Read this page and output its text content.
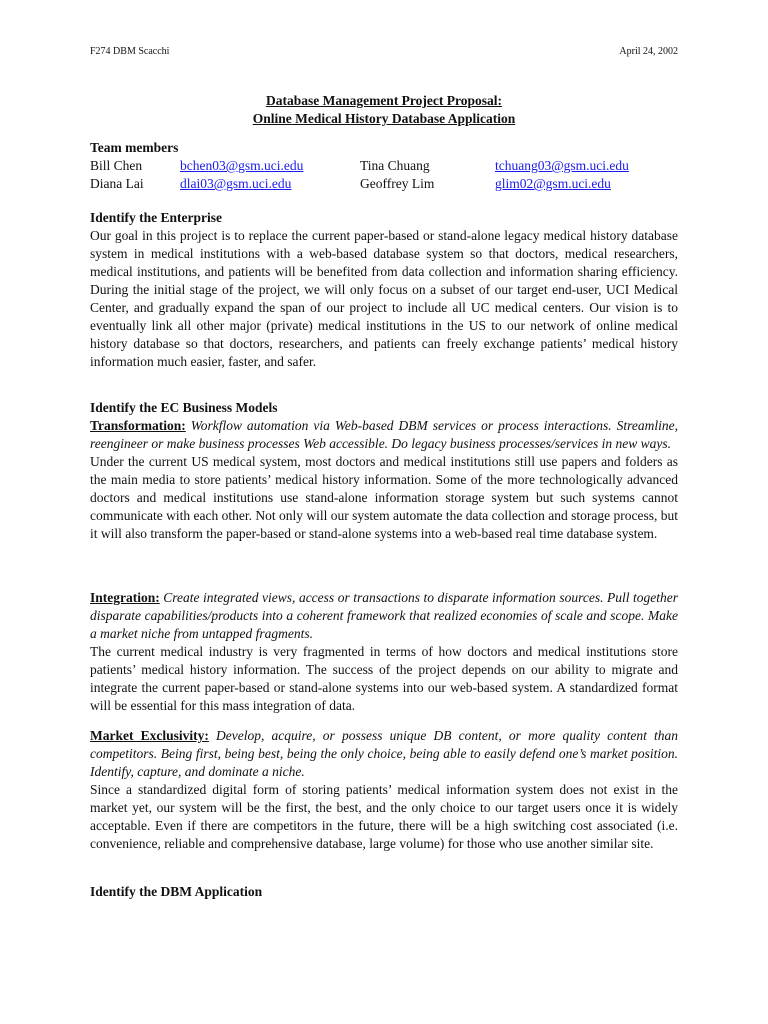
F274 DBM Scacchi	April 24, 2002
Database Management Project Proposal:
Online Medical History Database Application
Team members
Bill Chen	bchen03@gsm.uci.edu	Tina Chuang	tchuang03@gsm.uci.edu
Diana Lai	dlai03@gsm.uci.edu	Geoffrey Lim	glim02@gsm.uci.edu
Identify the Enterprise

Our goal in this project is to replace the current paper-based or stand-alone legacy medical history database system in medical institutions with a web-based database system so that doctors, medical researchers, medical institutions, and patients will be benefited from data collection and information sharing efficiency. During the initial stage of the project, we will only focus on a subset of our target end-user, UCI Medical Center, and gradually expand the span of our project to include all UC medical centers. Our vision is to eventually link all other major (private) medical institutions in the US to our network of online medical history database so that doctors, researchers, and patients can freely exchange patients’ medical history information much easier, faster, and safer.

Identify the EC Business Models

Transformation: Workflow automation via Web-based DBM services or process interactions. Streamline, reengineer or make business processes Web accessible. Do legacy business processes/services in new ways.

Under the current US medical system, most doctors and medical institutions still use papers and folders as the main media to store patients’ medical history information. Some of the more technologically advanced doctors and medical institutions use stand-alone information storage system but such systems cannot communicate with each other. Not only will our system automate the data collection and storage process, but it will also transform the paper-based or stand-alone systems into a web-based real time database system.

Integration: Create integrated views, access or transactions to disparate information sources. Pull together disparate capabilities/products into a coherent framework that realized economies of scale and scope. Make a market niche from untapped fragments.

The current medical industry is very fragmented in terms of how doctors and medical institutions store patients’ medical history information. The success of the project depends on our ability to migrate and integrate the current paper-based or stand-alone systems into our web-based system. A standardized format will be essential for this mass integration of data.

Market Exclusivity: Develop, acquire, or possess unique DB content, or more quality content than competitors. Being first, being best, being the only choice, being able to easily defend one’s market position. Identify, capture, and dominate a niche.

Since a standardized digital form of storing patients’ medical information system does not exist in the market yet, our system will be the first, the best, and the only choice to our target users once it is widely acceptable. Even if there are competitors in the future, there will be a high switching cost associated (i.e. convenience, reliable and comprehensive database, large volume) for those who use another similar site.

Identify the DBM Application
